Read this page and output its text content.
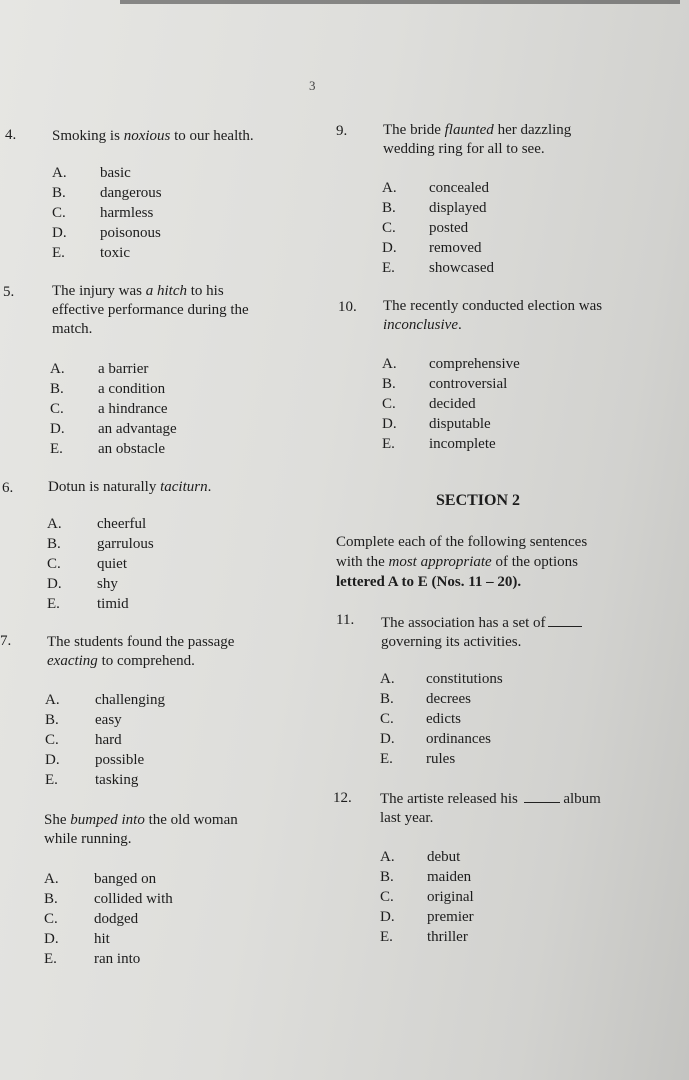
3
4. Smoking is noxious to our health.
A. basic
B. dangerous
C. harmless
D. poisonous
E. toxic
5.	The injury was a hitch to his
effective performance during the
match.
A. a barrier
B. a condition
C. a hindrance
D. an advantage
E. an obstacle
6. Dotun is naturally taciturn.
A. cheerful
B. garrulous
C. quiet
D. shy
E. timid
7. The students found the passage
exacting to comprehend.
A. challenging
B. easy
C. hard
D. possible
E. tasking
She bumped into the old woman
while running.
A. banged on
B. collided with
C. dodged
D. hit
E. ran into
9. The bride flaunted her dazzling
wedding ring for all to see.
A. concealed
B. displayed
C. posted
D. removed
E. showcased
10. The recently conducted election was
inconclusive.
A. comprehensive
B. controversial
C. decided
D. disputable
E. incomplete
SECTION 2
Complete each of the following sentences
with the most appropriate of the options
lettered A to E (Nos. 11 – 20).
11. The association has a set of
governing its activities.
A. constitutions
B. decrees
C. edicts
D. ordinances
E. rules
12. The artiste released his	album
last year.
A. debut
B. maiden
C. original
D. premier
E. thriller
